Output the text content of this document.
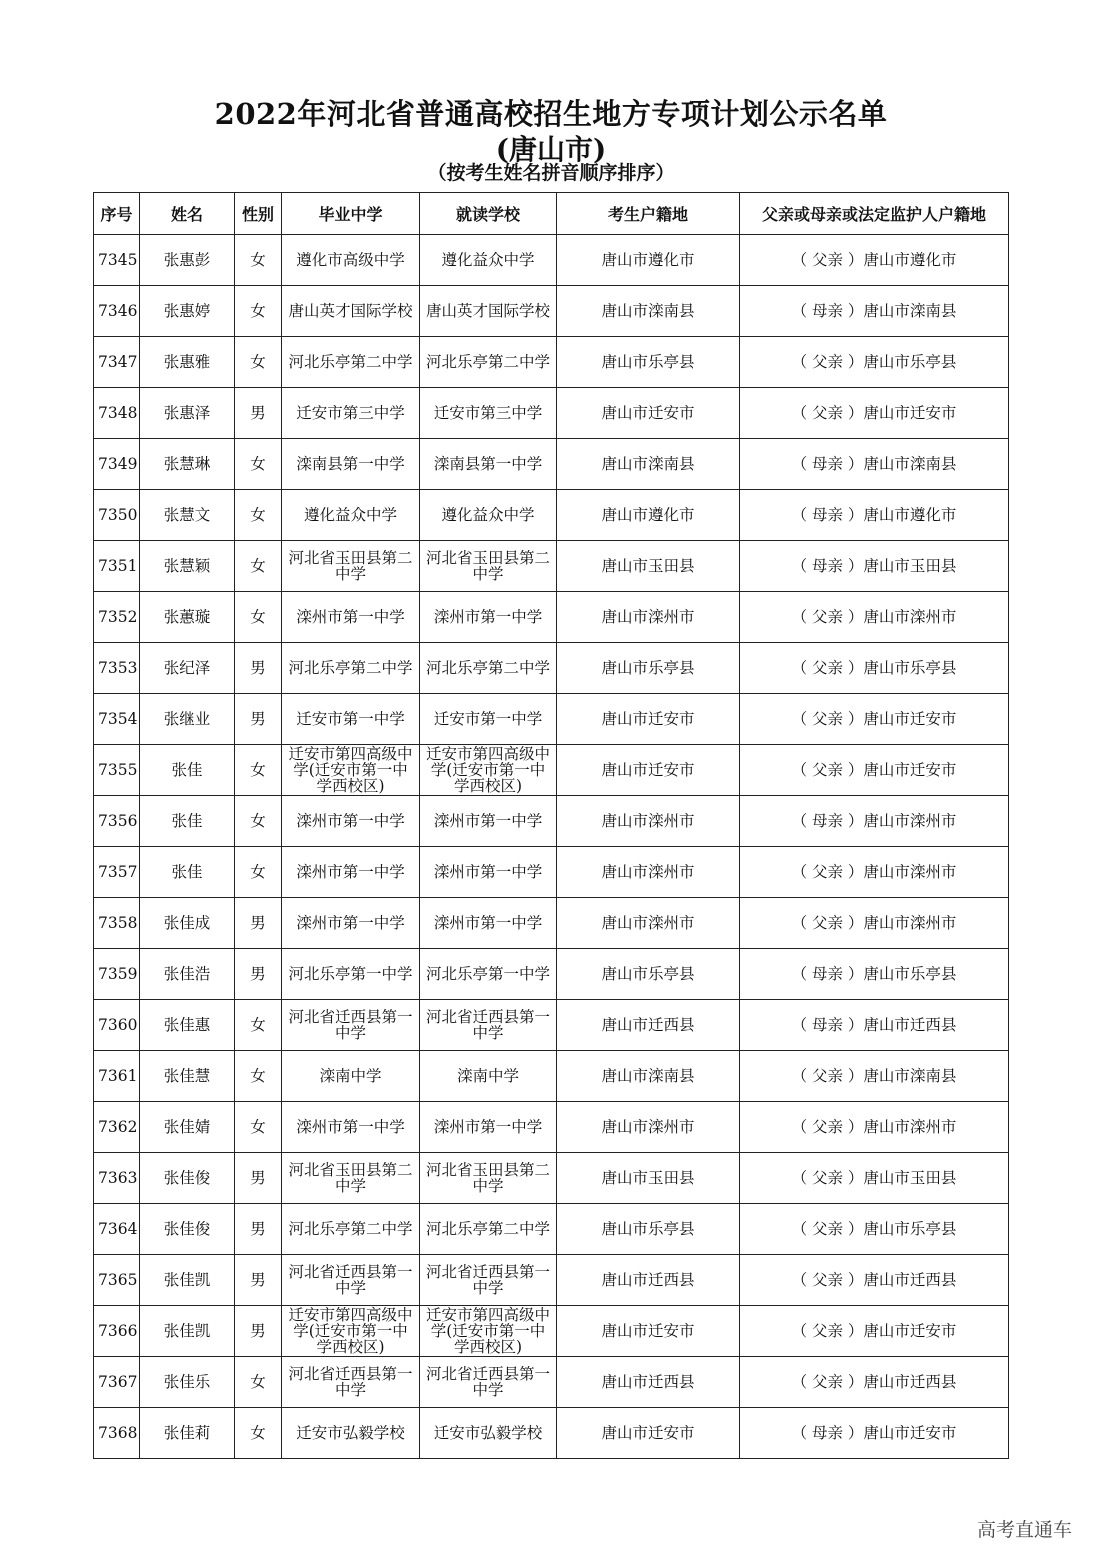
2022年河北省普通高校招生地方专项计划公示名单
(唐山市)
（按考生姓名拼音顺序排序）
序号	姓名	性别	毕业中学	就读学校	考生户籍地	父亲或母亲或法定监护人户籍地
7345	张惠彭	女	遵化市高级中学	遵化益众中学	唐山市遵化市	（ 父亲 ）唐山市遵化市
7346	张惠婷	女	唐山英才国际学校	唐山英才国际学校	唐山市滦南县	（ 母亲 ）唐山市滦南县
7347	张惠雅	女	河北乐亭第二中学	河北乐亭第二中学	唐山市乐亭县	（ 父亲 ）唐山市乐亭县
7348	张惠泽	男	迁安市第三中学	迁安市第三中学	唐山市迁安市	（ 父亲 ）唐山市迁安市
7349	张慧琳	女	滦南县第一中学	滦南县第一中学	唐山市滦南县	（ 母亲 ）唐山市滦南县
7350	张慧文	女	遵化益众中学	遵化益众中学	唐山市遵化市	（ 母亲 ）唐山市遵化市
7351	张慧颖	女	河北省玉田县第二中学	河北省玉田县第二中学	唐山市玉田县	（ 母亲 ）唐山市玉田县
7352	张蕙璇	女	滦州市第一中学	滦州市第一中学	唐山市滦州市	（ 父亲 ）唐山市滦州市
7353	张纪泽	男	河北乐亭第二中学	河北乐亭第二中学	唐山市乐亭县	（ 父亲 ）唐山市乐亭县
7354	张继业	男	迁安市第一中学	迁安市第一中学	唐山市迁安市	（ 父亲 ）唐山市迁安市
7355	张佳	女	迁安市第四高级中学(迁安市第一中学西校区)	迁安市第四高级中学(迁安市第一中学西校区)	唐山市迁安市	（ 父亲 ）唐山市迁安市
7356	张佳	女	滦州市第一中学	滦州市第一中学	唐山市滦州市	（ 母亲 ）唐山市滦州市
7357	张佳	女	滦州市第一中学	滦州市第一中学	唐山市滦州市	（ 父亲 ）唐山市滦州市
7358	张佳成	男	滦州市第一中学	滦州市第一中学	唐山市滦州市	（ 父亲 ）唐山市滦州市
7359	张佳浩	男	河北乐亭第一中学	河北乐亭第一中学	唐山市乐亭县	（ 母亲 ）唐山市乐亭县
7360	张佳惠	女	河北省迁西县第一中学	河北省迁西县第一中学	唐山市迁西县	（ 母亲 ）唐山市迁西县
7361	张佳慧	女	滦南中学	滦南中学	唐山市滦南县	（ 父亲 ）唐山市滦南县
7362	张佳婧	女	滦州市第一中学	滦州市第一中学	唐山市滦州市	（ 父亲 ）唐山市滦州市
7363	张佳俊	男	河北省玉田县第二中学	河北省玉田县第二中学	唐山市玉田县	（ 父亲 ）唐山市玉田县
7364	张佳俊	男	河北乐亭第二中学	河北乐亭第二中学	唐山市乐亭县	（ 父亲 ）唐山市乐亭县
7365	张佳凯	男	河北省迁西县第一中学	河北省迁西县第一中学	唐山市迁西县	（ 父亲 ）唐山市迁西县
7366	张佳凯	男	迁安市第四高级中学(迁安市第一中学西校区)	迁安市第四高级中学(迁安市第一中学西校区)	唐山市迁安市	（ 父亲 ）唐山市迁安市
7367	张佳乐	女	河北省迁西县第一中学	河北省迁西县第一中学	唐山市迁西县	（ 父亲 ）唐山市迁西县
7368	张佳莉	女	迁安市弘毅学校	迁安市弘毅学校	唐山市迁安市	（ 母亲 ）唐山市迁安市
高考直通车
